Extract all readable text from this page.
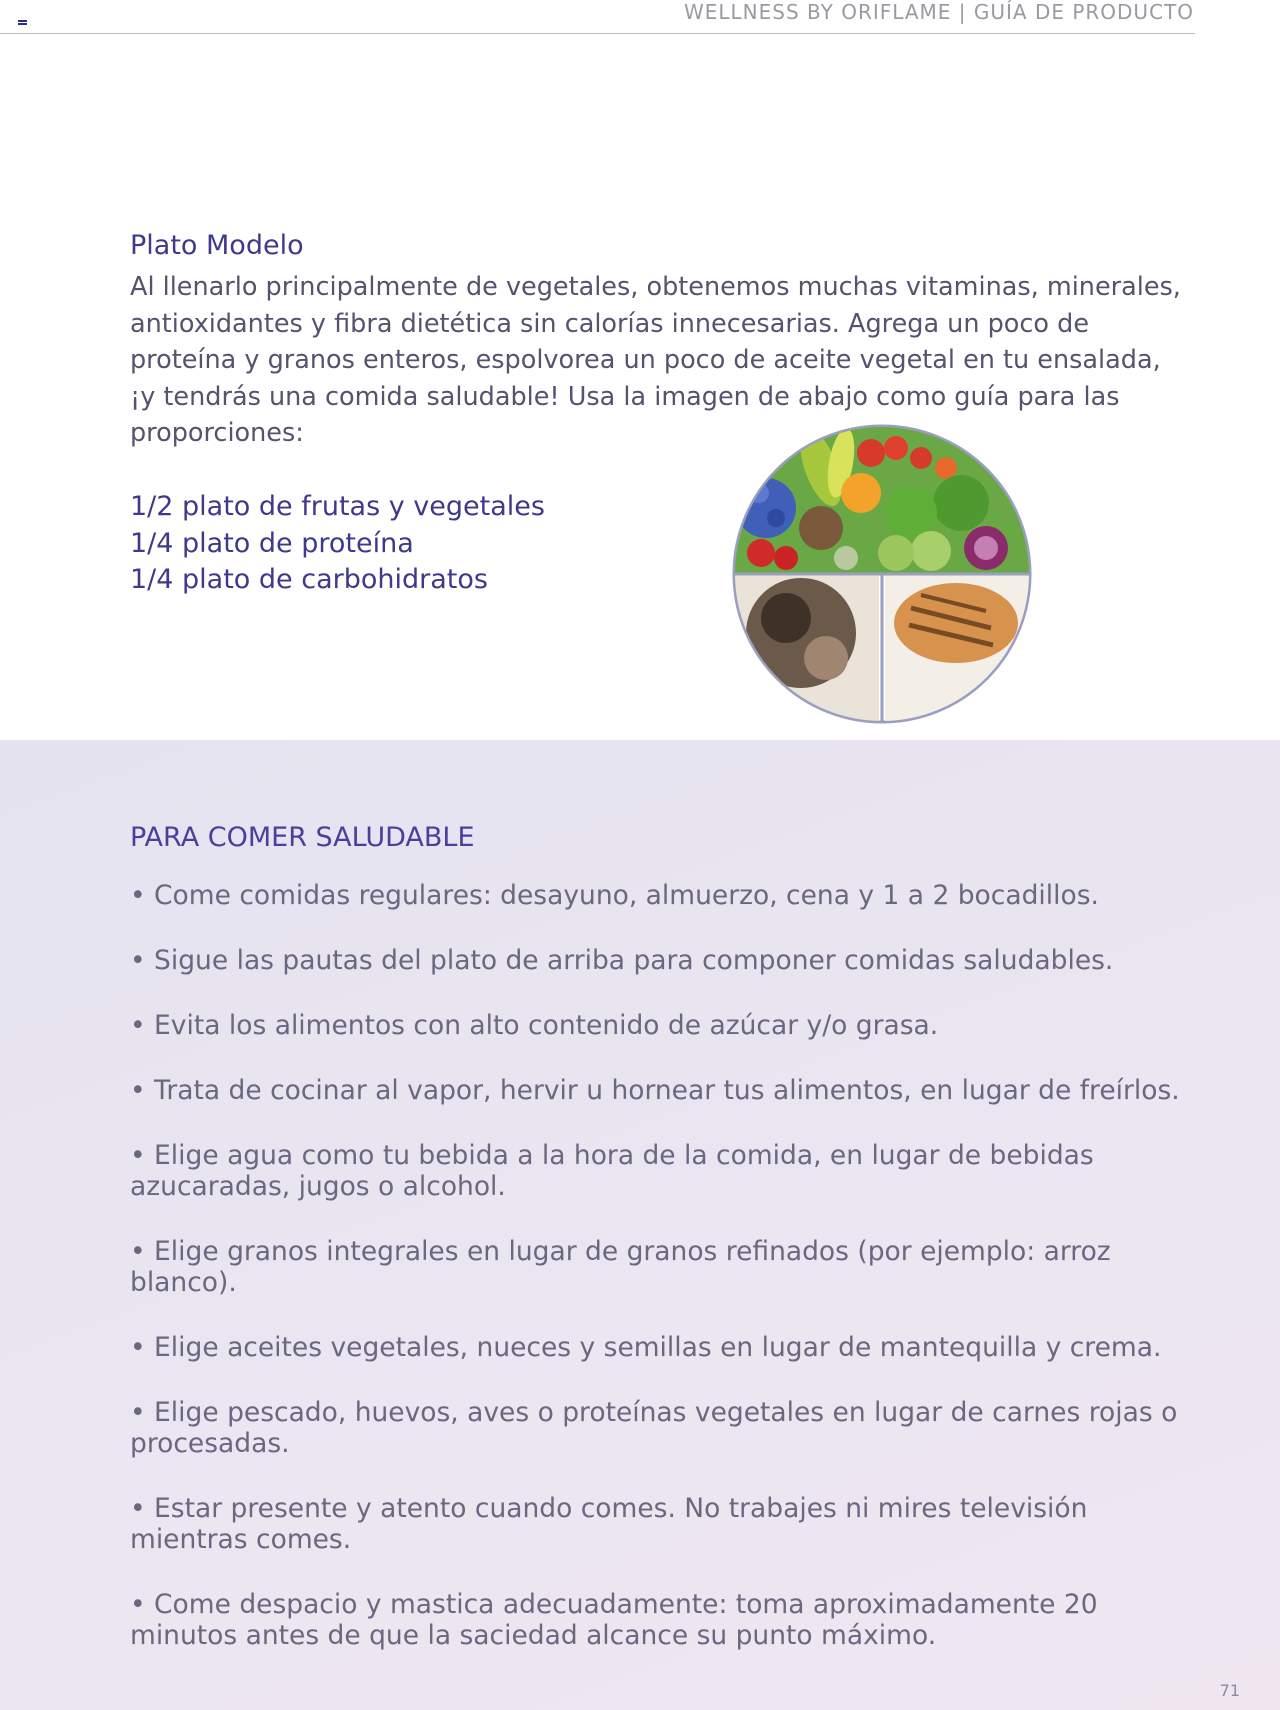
WELLNESS BY ORIFLAME | GUÍA DE PRODUCTO
Plato Modelo
Al llenarlo principalmente de vegetales, obtenemos muchas vitaminas, minerales, antioxidantes y fibra dietética sin calorías innecesarias. Agrega un poco de proteína y granos enteros, espolvorea un poco de aceite vegetal en tu ensalada, ¡y tendrás una comida saludable! Usa la imagen de abajo como guía para las proporciones:
1/2 plato de frutas y vegetales
1/4 plato de proteína
1/4 plato de carbohidratos
PARA COMER SALUDABLE
• Come comidas regulares: desayuno, almuerzo, cena y 1 a 2 bocadillos.
• Sigue las pautas del plato de arriba para componer comidas saludables.
• Evita los alimentos con alto contenido de azúcar y/o grasa.
• Trata de cocinar al vapor, hervir u hornear tus alimentos, en lugar de freírlos.
• Elige agua como tu bebida a la hora de la comida, en lugar de bebidas azucaradas, jugos o alcohol.
• Elige granos integrales en lugar de granos refinados (por ejemplo: arroz blanco).
• Elige aceites vegetales, nueces y semillas en lugar de mantequilla y crema.
• Elige pescado, huevos, aves o proteínas vegetales en lugar de carnes rojas o procesadas.
• Estar presente y atento cuando comes. No trabajes ni mires televisión mientras comes.
• Come despacio y mastica adecuadamente: toma aproximadamente 20 minutos antes de que la saciedad alcance su punto máximo.
71
